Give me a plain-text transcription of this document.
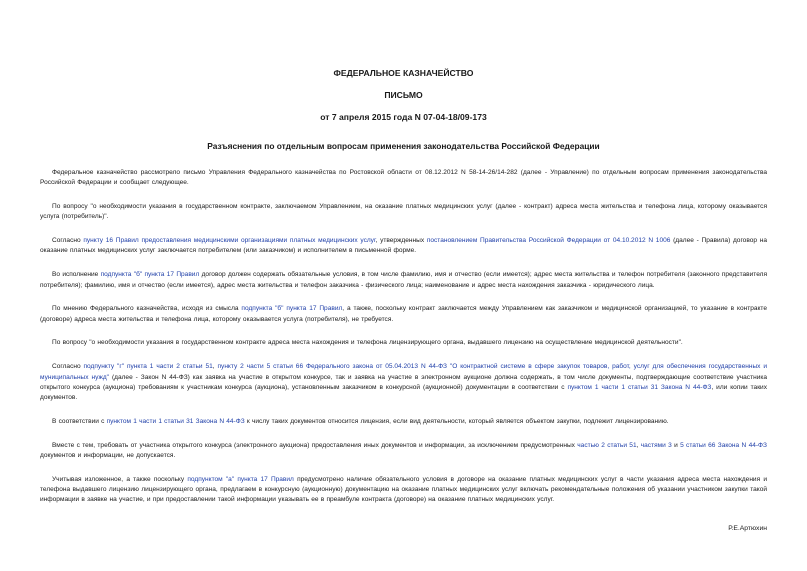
ФЕДЕРАЛЬНОЕ КАЗНАЧЕЙСТВО
ПИСЬМО
от 7 апреля 2015 года N 07-04-18/09-173
Разъяснения по отдельным вопросам применения законодательства Российской Федерации

Федеральное казначейство рассмотрело письмо Управления Федерального казначейства по Ростовской области от 08.12.2012 N 58-14-26/14-282 (далее - Управление) по отдельным вопросам применения законодательства Российской Федерации и сообщает следующее.

По вопросу "о необходимости указания в государственном контракте, заключаемом Управлением, на оказание платных медицинских услуг (далее - контракт) адреса места жительства и телефона лица, которому оказывается услуга (потребитель)".

Согласно пункту 16 Правил предоставления медицинскими организациями платных медицинских услуг, утвержденных постановлением Правительства Российской Федерации от 04.10.2012 N 1006 (далее - Правила) договор на оказание платных медицинских услуг заключается потребителем (или заказчиком) и исполнителем в письменной форме.

Во исполнение подпункта "б" пункта 17 Правил договор должен содержать обязательные условия, в том числе фамилию, имя и отчество (если имеется); адрес места жительства и телефон потребителя (законного представителя потребителя); фамилию, имя и отчество (если имеется), адрес места жительства и телефон заказчика - физического лица; наименование и адрес места нахождения заказчика - юридического лица.

По мнению Федерального казначейства, исходя из смысла подпункта "б" пункта 17 Правил, а также, поскольку контракт заключается между Управлением как заказчиком и медицинской организацией, то указание в контракте (договоре) адреса места жительства и телефона лица, которому оказывается услуга (потребителя), не требуется.

По вопросу "о необходимости указания в государственном контракте адреса места нахождения и телефона лицензирующего органа, выдавшего лицензию на осуществление медицинской деятельности".

Согласно подпункту "г" пункта 1 части 2 статьи 51, пункту 2 части 5 статьи 66 Федерального закона от 05.04.2013 N 44-ФЗ "О контрактной системе в сфере закупок товаров, работ, услуг для обеспечения государственных и муниципальных нужд" (далее - Закон N 44-ФЗ) как заявка на участие в открытом конкурсе, так и заявка на участие в электронном аукционе должна содержать, в том числе документы, подтверждающие соответствие участника открытого конкурса (аукциона) требованиям к участникам конкурса (аукциона), установленным заказчиком в конкурсной (аукционной) документации в соответствии с пунктом 1 части 1 статьи 31 Закона N 44-ФЗ, или копии таких документов.

В соответствии с пунктом 1 части 1 статьи 31 Закона N 44-ФЗ к числу таких документов относится лицензия, если вид деятельности, который является объектом закупки, подлежит лицензированию.

Вместе с тем, требовать от участника открытого конкурса (электронного аукциона) предоставления иных документов и информации, за исключением предусмотренных частью 2 статьи 51, частями 3 и 5 статьи 66 Закона N 44-ФЗ документов и информации, не допускается.

Учитывая изложенное, а также поскольку подпунктом "а" пункта 17 Правил предусмотрено наличие обязательного условия в договоре на оказание платных медицинских услуг в части указания адреса места нахождения и телефона выдавшего лицензию лицензирующего органа, предлагаем в конкурсную (аукционную) документацию на оказание платных медицинских услуг включать рекомендательные положения об указании участником закупки такой информации в заявке на участие, и при предоставлении такой информации указывать ее в преамбуле контракта (договоре) на оказание платных медицинских услуг.

Р.Е.Артюхин
